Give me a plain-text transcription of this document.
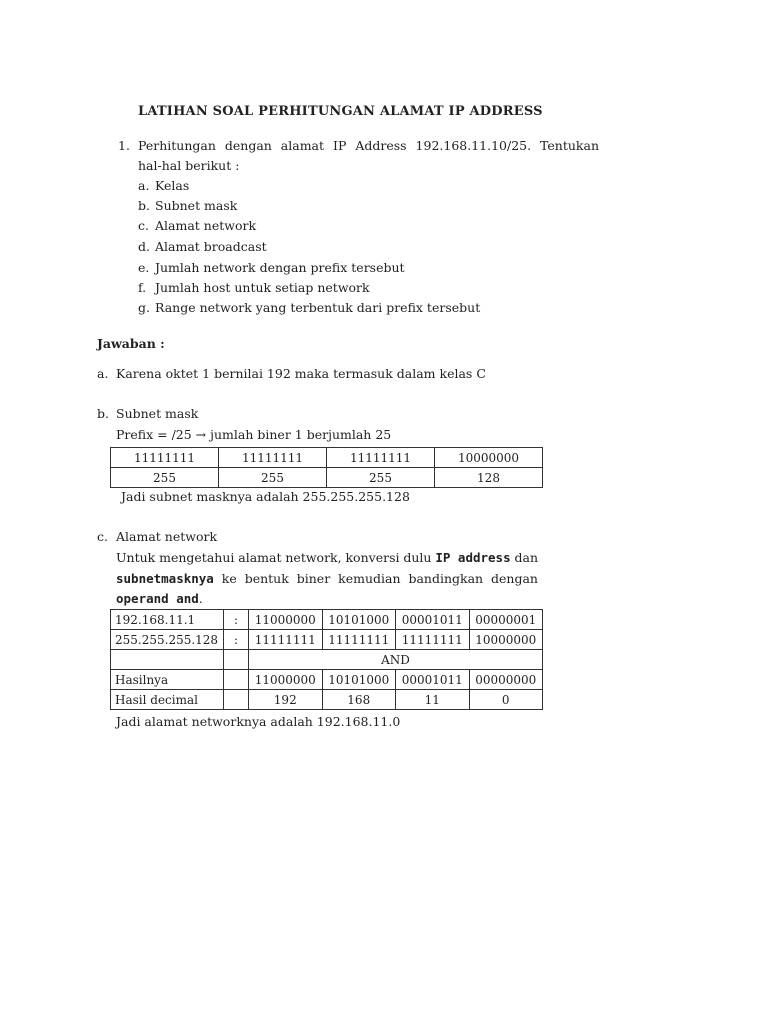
LATIHAN SOAL PERHITUNGAN ALAMAT IP ADDRESS
1. Perhitungan dengan alamat IP Address 192.168.11.10/25. Tentukan
hal-hal berikut :
a. Kelas
b. Subnet mask
c. Alamat network
d. Alamat broadcast
e. Jumlah network dengan prefix tersebut
f. Jumlah host untuk setiap network
g. Range network yang terbentuk dari prefix tersebut
Jawaban :
a. Karena oktet 1 bernilai 192 maka termasuk dalam kelas C
b. Subnet mask
Prefix = /25 → jumlah biner 1 berjumlah 25
11111111	11111111	11111111	10000000
255	255	255	128
Jadi subnet masknya adalah 255.255.255.128
c. Alamat network
Untuk mengetahui alamat network, konversi dulu IP address dan
subnetmasknya ke bentuk biner kemudian bandingkan dengan
operand and.
192.168.11.1	:	11000000	10101000	00001011	00000001
255.255.255.128	:	11111111	11111111	11111111	10000000
		AND			
Hasilnya		11000000	10101000	00001011	00000000
Hasil decimal		192	168	11	0
Jadi alamat networknya adalah 192.168.11.0
